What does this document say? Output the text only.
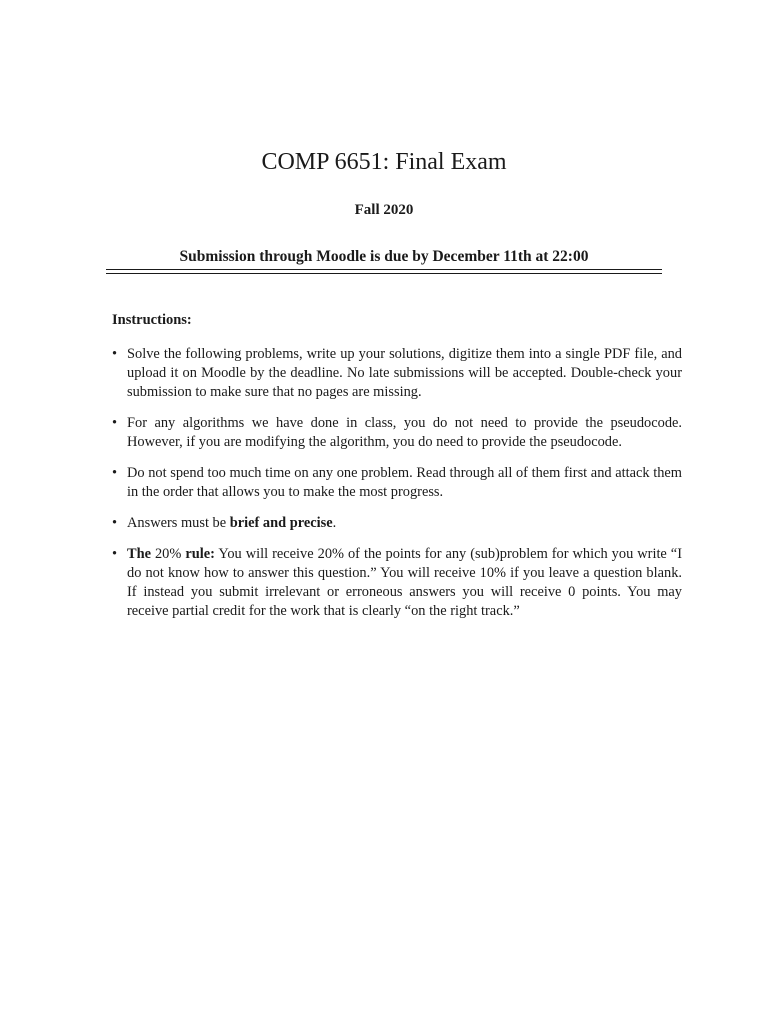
COMP 6651: Final Exam
Fall 2020
Submission through Moodle is due by December 11th at 22:00
Instructions:
• Solve the following problems, write up your solutions, digitize them into a single PDF file, and upload it on Moodle by the deadline. No late submissions will be accepted. Double-check your submission to make sure that no pages are missing.
• For any algorithms we have done in class, you do not need to provide the pseudocode. However, if you are modifying the algorithm, you do need to provide the pseudocode.
• Do not spend too much time on any one problem. Read through all of them first and attack them in the order that allows you to make the most progress.
• Answers must be brief and precise.
• The 20% rule: You will receive 20% of the points for any (sub)problem for which you write “I do not know how to answer this question.” You will receive 10% if you leave a question blank. If instead you submit irrelevant or erroneous answers you will receive 0 points. You may receive partial credit for the work that is clearly “on the right track.”
